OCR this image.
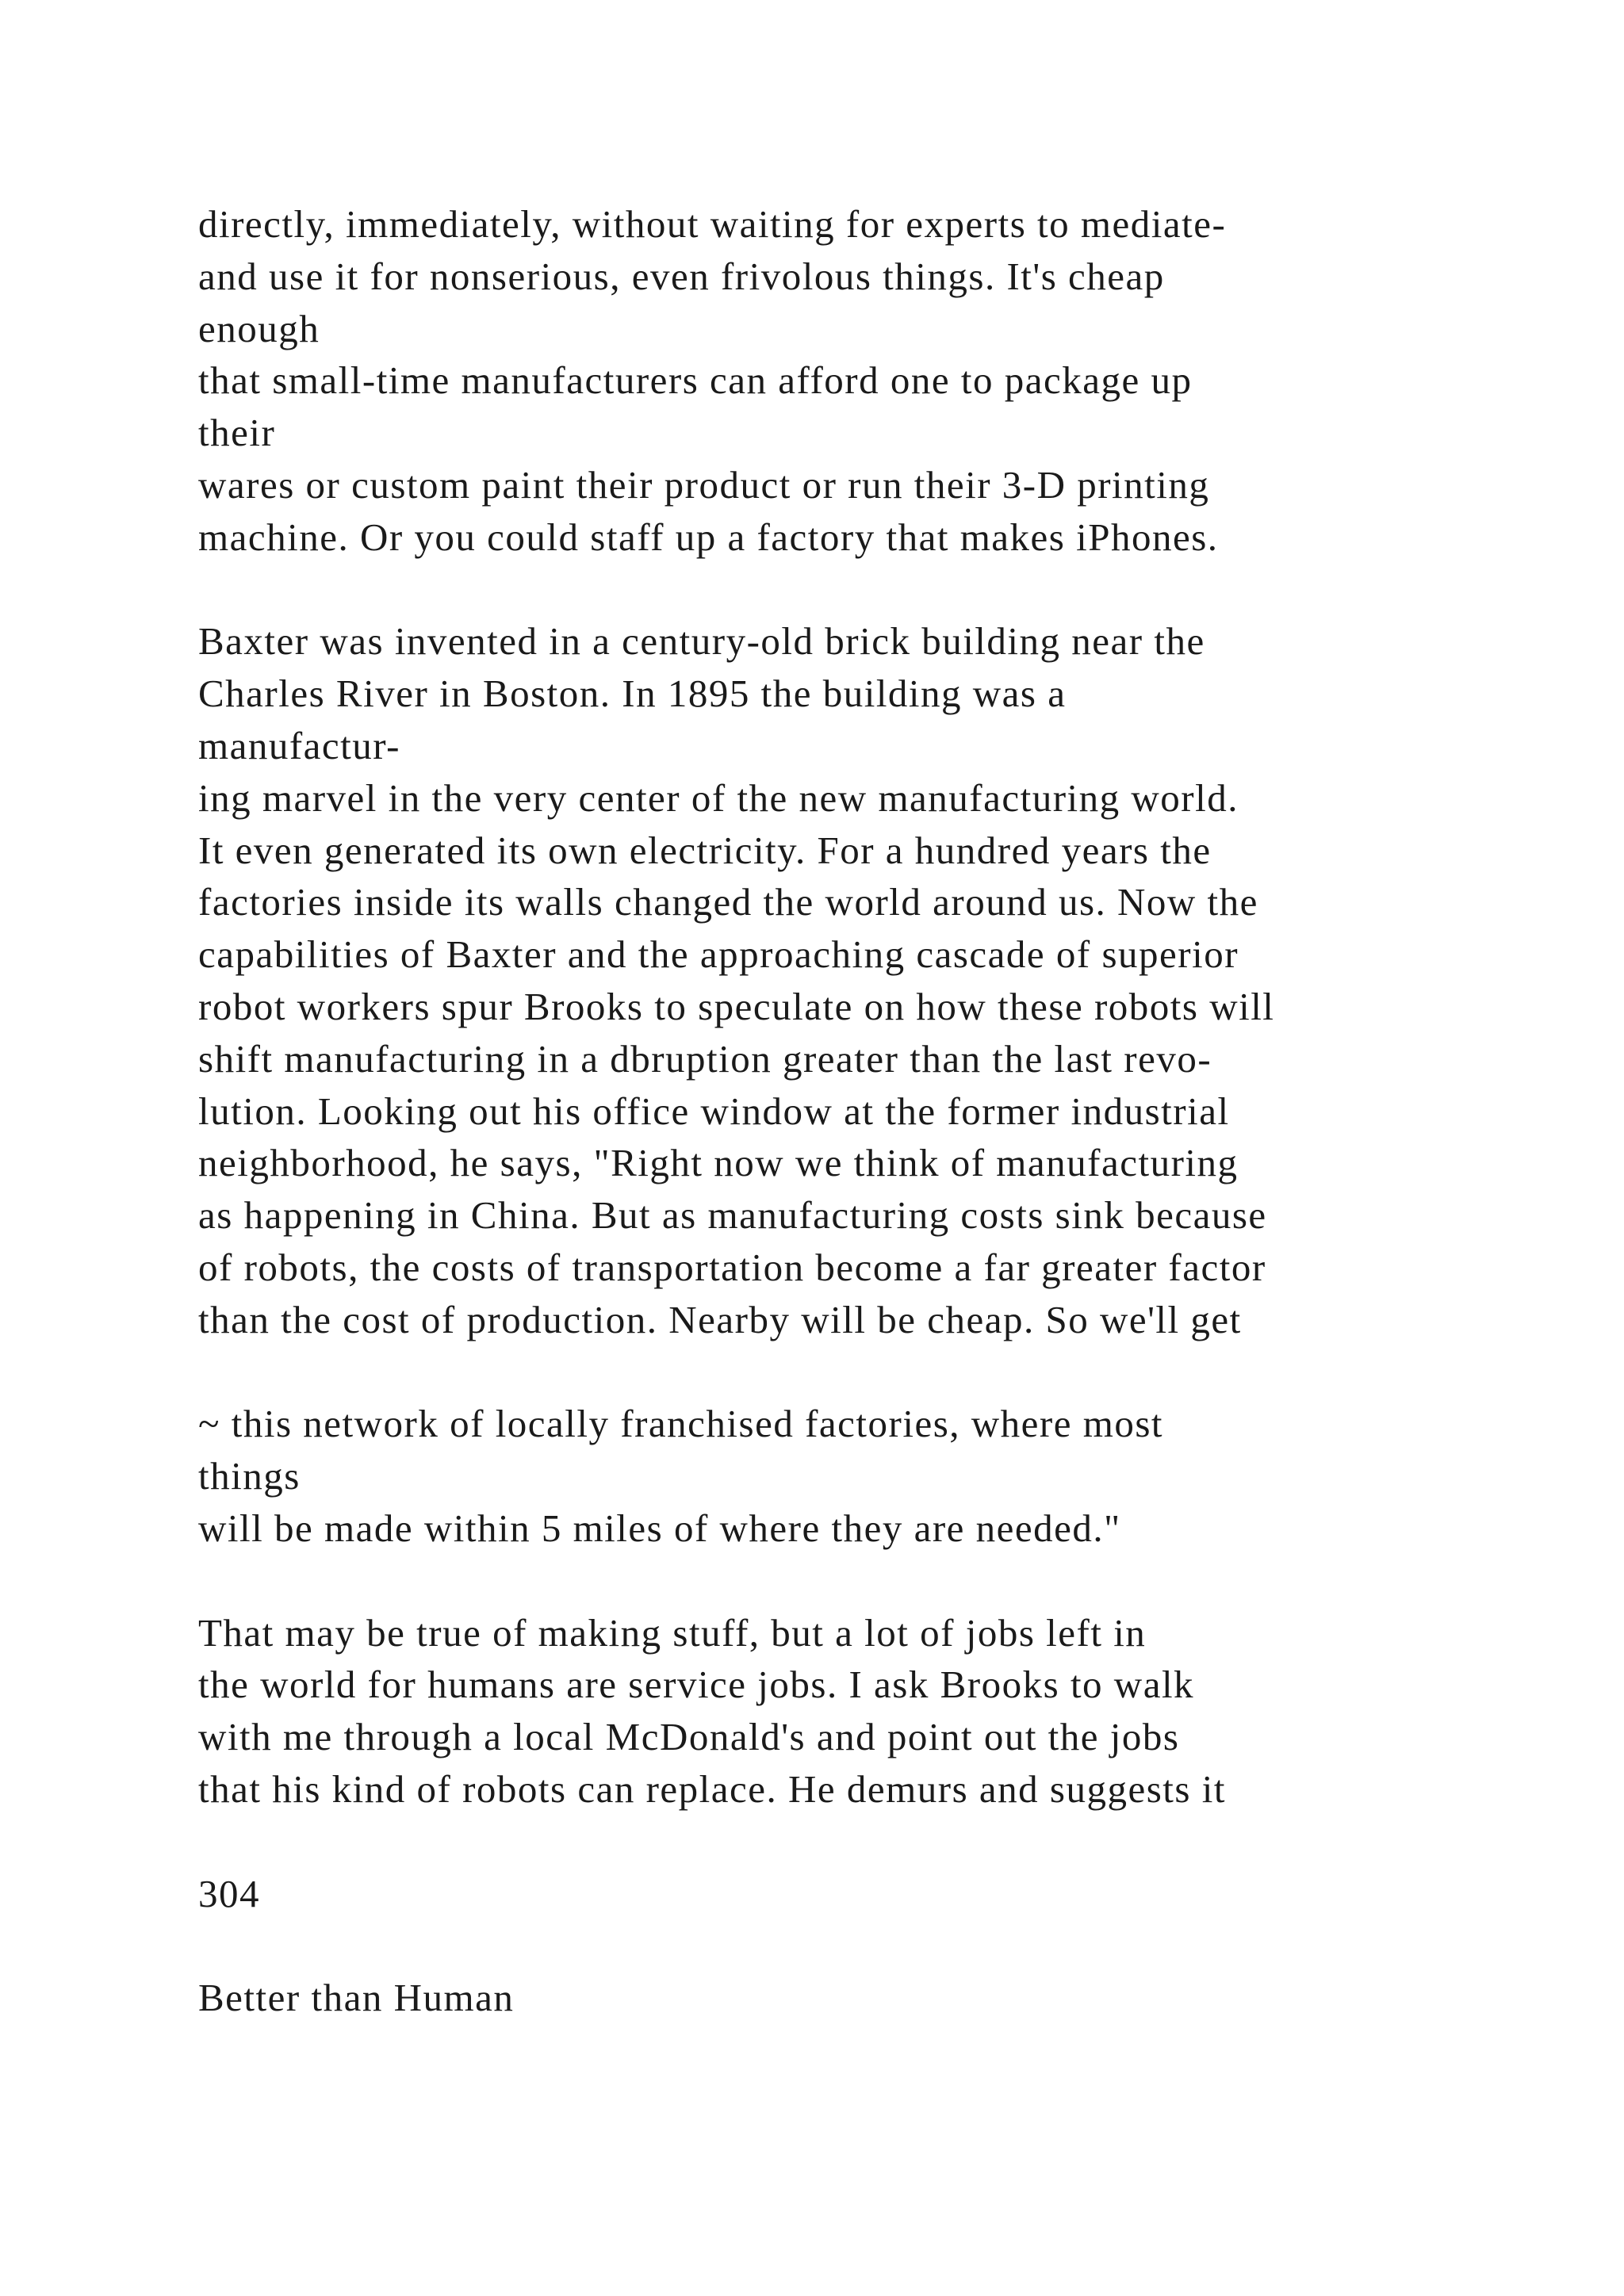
directly, immediately, without waiting for experts to mediate-
and use it for nonserious, even frivolous things. It's cheap
enough
that small-time manufacturers can afford one to package up
their
wares or custom paint their product or run their 3-D printing
machine. Or you could staff up a factory that makes iPhones.
Baxter was invented in a century-old brick building near the
Charles River in Boston. In 1895 the building was a
manufactur-
ing marvel in the very center of the new manufacturing world.
It even generated its own electricity. For a hundred years the
factories inside its walls changed the world around us. Now the
capabilities of Baxter and the approaching cascade of superior
robot workers spur Brooks to speculate on how these robots will
shift manufacturing in a dbruption greater than the last revo-
lution. Looking out his office window at the former industrial
neighborhood, he says, "Right now we think of manufacturing
as happening in China. But as manufacturing costs sink because
of robots, the costs of transportation become a far greater factor
than the cost of production. Nearby will be cheap. So we'll get
~ this network of locally franchised factories, where most
things
will be made within 5 miles of where they are needed."
That may be true of making stuff, but a lot of jobs left in
the world for humans are service jobs. I ask Brooks to walk
with me through a local McDonald's and point out the jobs
that his kind of robots can replace. He demurs and suggests it
304
Better than Human
